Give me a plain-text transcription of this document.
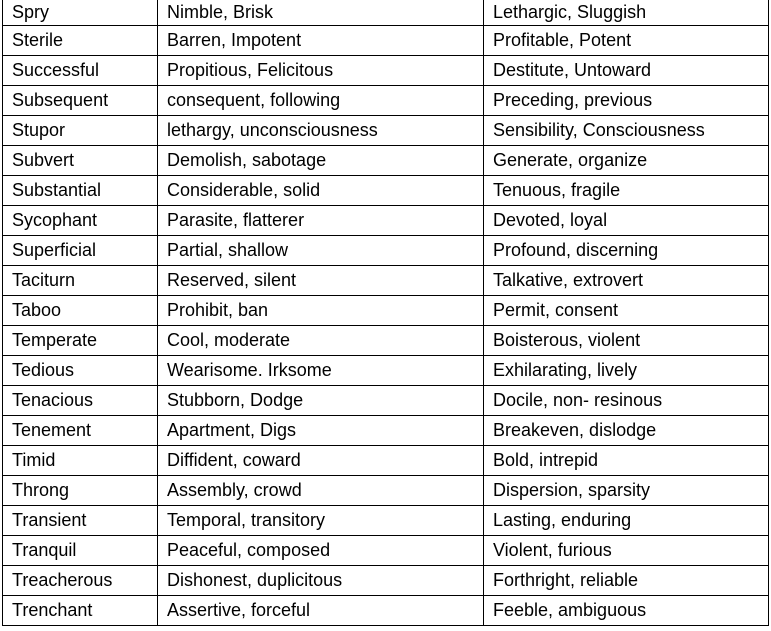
Spry	Nimble, Brisk	Lethargic, Sluggish
Sterile	Barren, Impotent	Profitable, Potent
Successful	Propitious, Felicitous	Destitute, Untoward
Subsequent	consequent, following	Preceding, previous
Stupor	lethargy, unconsciousness	Sensibility, Consciousness
Subvert	Demolish, sabotage	Generate, organize
Substantial	Considerable, solid	Tenuous, fragile
Sycophant	Parasite, flatterer	Devoted, loyal
Superficial	Partial, shallow	Profound, discerning
Taciturn	Reserved, silent	Talkative, extrovert
Taboo	Prohibit, ban	Permit, consent
Temperate	Cool, moderate	Boisterous, violent
Tedious	Wearisome. Irksome	Exhilarating, lively
Tenacious	Stubborn, Dodge	Docile, non- resinous
Tenement	Apartment, Digs	Breakeven, dislodge
Timid	Diffident, coward	Bold, intrepid
Throng	Assembly, crowd	Dispersion, sparsity
Transient	Temporal, transitory	Lasting, enduring
Tranquil	Peaceful, composed	Violent, furious
Treacherous	Dishonest, duplicitous	Forthright, reliable
Trenchant	Assertive, forceful	Feeble, ambiguous
